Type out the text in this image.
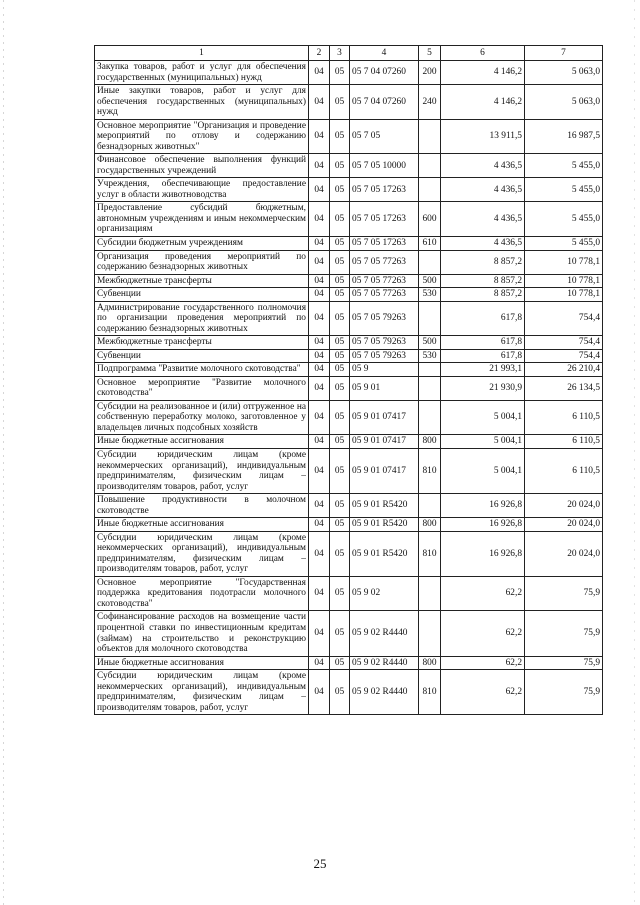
1	2	3	4	5	6	7
Закупка товаров, работ и услуг для обеспечения государственных (муниципальных) нужд	04	05	05 7 04 07260	200	4 146,2	5 063,0
Иные закупки товаров, работ и услуг для обеспечения государственных (муниципальных) нужд	04	05	05 7 04 07260	240	4 146,2	5 063,0
Основное мероприятие "Организация и проведение мероприятий по отлову и содержанию безнадзорных животных"	04	05	05 7 05		13 911,5	16 987,5
Финансовое обеспечение выполнения функций государственных учреждений	04	05	05 7 05 10000		4 436,5	5 455,0
Учреждения, обеспечивающие предоставление услуг в области животноводства	04	05	05 7 05 17263		4 436,5	5 455,0
Предоставление субсидий бюджетным, автономным учреждениям и иным некоммерческим организациям	04	05	05 7 05 17263	600	4 436,5	5 455,0
Субсидии бюджетным учреждениям	04	05	05 7 05 17263	610	4 436,5	5 455,0
Организация проведения мероприятий по содержанию безнадзорных животных	04	05	05 7 05 77263		8 857,2	10 778,1
Межбюджетные трансферты	04	05	05 7 05 77263	500	8 857,2	10 778,1
Субвенции	04	05	05 7 05 77263	530	8 857,2	10 778,1
Администрирование государственного полномочия по организации проведения мероприятий по содержанию безнадзорных животных	04	05	05 7 05 79263		617,8	754,4
Межбюджетные трансферты	04	05	05 7 05 79263	500	617,8	754,4
Субвенции	04	05	05 7 05 79263	530	617,8	754,4
Подпрограмма "Развитие молочного скотоводства"	04	05	05 9		21 993,1	26 210,4
Основное мероприятие "Развитие молочного скотоводства"	04	05	05 9 01		21 930,9	26 134,5
Субсидии на реализованное и (или) отгруженное на собственную переработку молоко, заготовленное у владельцев личных подсобных хозяйств	04	05	05 9 01 07417		5 004,1	6 110,5
Иные бюджетные ассигнования	04	05	05 9 01 07417	800	5 004,1	6 110,5
Субсидии юридическим лицам (кроме некоммерческих организаций), индивидуальным предпринимателям, физическим лицам – производителям товаров, работ, услуг	04	05	05 9 01 07417	810	5 004,1	6 110,5
Повышение продуктивности в молочном скотоводстве	04	05	05 9 01 R5420		16 926,8	20 024,0
Иные бюджетные ассигнования	04	05	05 9 01 R5420	800	16 926,8	20 024,0
Субсидии юридическим лицам (кроме некоммерческих организаций), индивидуальным предпринимателям, физическим лицам – производителям товаров, работ, услуг	04	05	05 9 01 R5420	810	16 926,8	20 024,0
Основное мероприятие "Государственная поддержка кредитования подотрасли молочного скотоводства"	04	05	05 9 02		62,2	75,9
Софинансирование расходов на возмещение части процентной ставки по инвестиционным кредитам (займам) на строительство и реконструкцию объектов для молочного скотоводства	04	05	05 9 02 R4440		62,2	75,9
Иные бюджетные ассигнования	04	05	05 9 02 R4440	800	62,2	75,9
Субсидии юридическим лицам (кроме некоммерческих организаций), индивидуальным предпринимателям, физическим лицам – производителям товаров, работ, услуг	04	05	05 9 02 R4440	810	62,2	75,9
25
